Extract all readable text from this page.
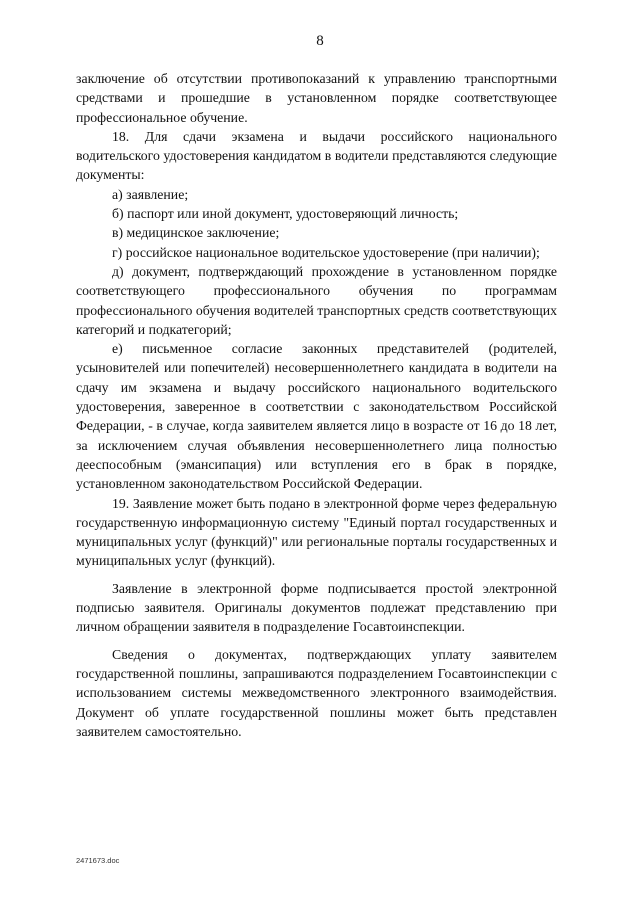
8

заключение об отсутствии противопоказаний к управлению транспортными средствами и прошедшие в установленном порядке соответствующее профессиональное обучение.

18. Для сдачи экзамена и выдачи российского национального водительского удостоверения кандидатом в водители представляются следующие документы:

а) заявление;

б) паспорт или иной документ, удостоверяющий личность;

в) медицинское заключение;

г) российское национальное водительское удостоверение (при наличии);

д) документ, подтверждающий прохождение в установленном порядке соответствующего профессионального обучения по программам профессионального обучения водителей транспортных средств соответствующих категорий и подкатегорий;

е) письменное согласие законных представителей (родителей, усыновителей или попечителей) несовершеннолетнего кандидата в водители на сдачу им экзамена и выдачу российского национального водительского удостоверения, заверенное в соответствии с законодательством Российской Федерации, - в случае, когда заявителем является лицо в возрасте от 16 до 18 лет, за исключением случая объявления несовершеннолетнего лица полностью дееспособным (эмансипация) или вступления его в брак в порядке, установленном законодательством Российской Федерации.

19. Заявление может быть подано в электронной форме через федеральную государственную информационную систему "Единый портал государственных и муниципальных услуг (функций)" или региональные порталы государственных и муниципальных услуг (функций).

Заявление в электронной форме подписывается простой электронной подписью заявителя. Оригиналы документов подлежат представлению при личном обращении заявителя в подразделение Госавтоинспекции.

Сведения о документах, подтверждающих уплату заявителем государственной пошлины, запрашиваются подразделением Госавтоинспекции с использованием системы межведомственного электронного взаимодействия. Документ об уплате государственной пошлины может быть представлен заявителем самостоятельно.

2471673.doc
